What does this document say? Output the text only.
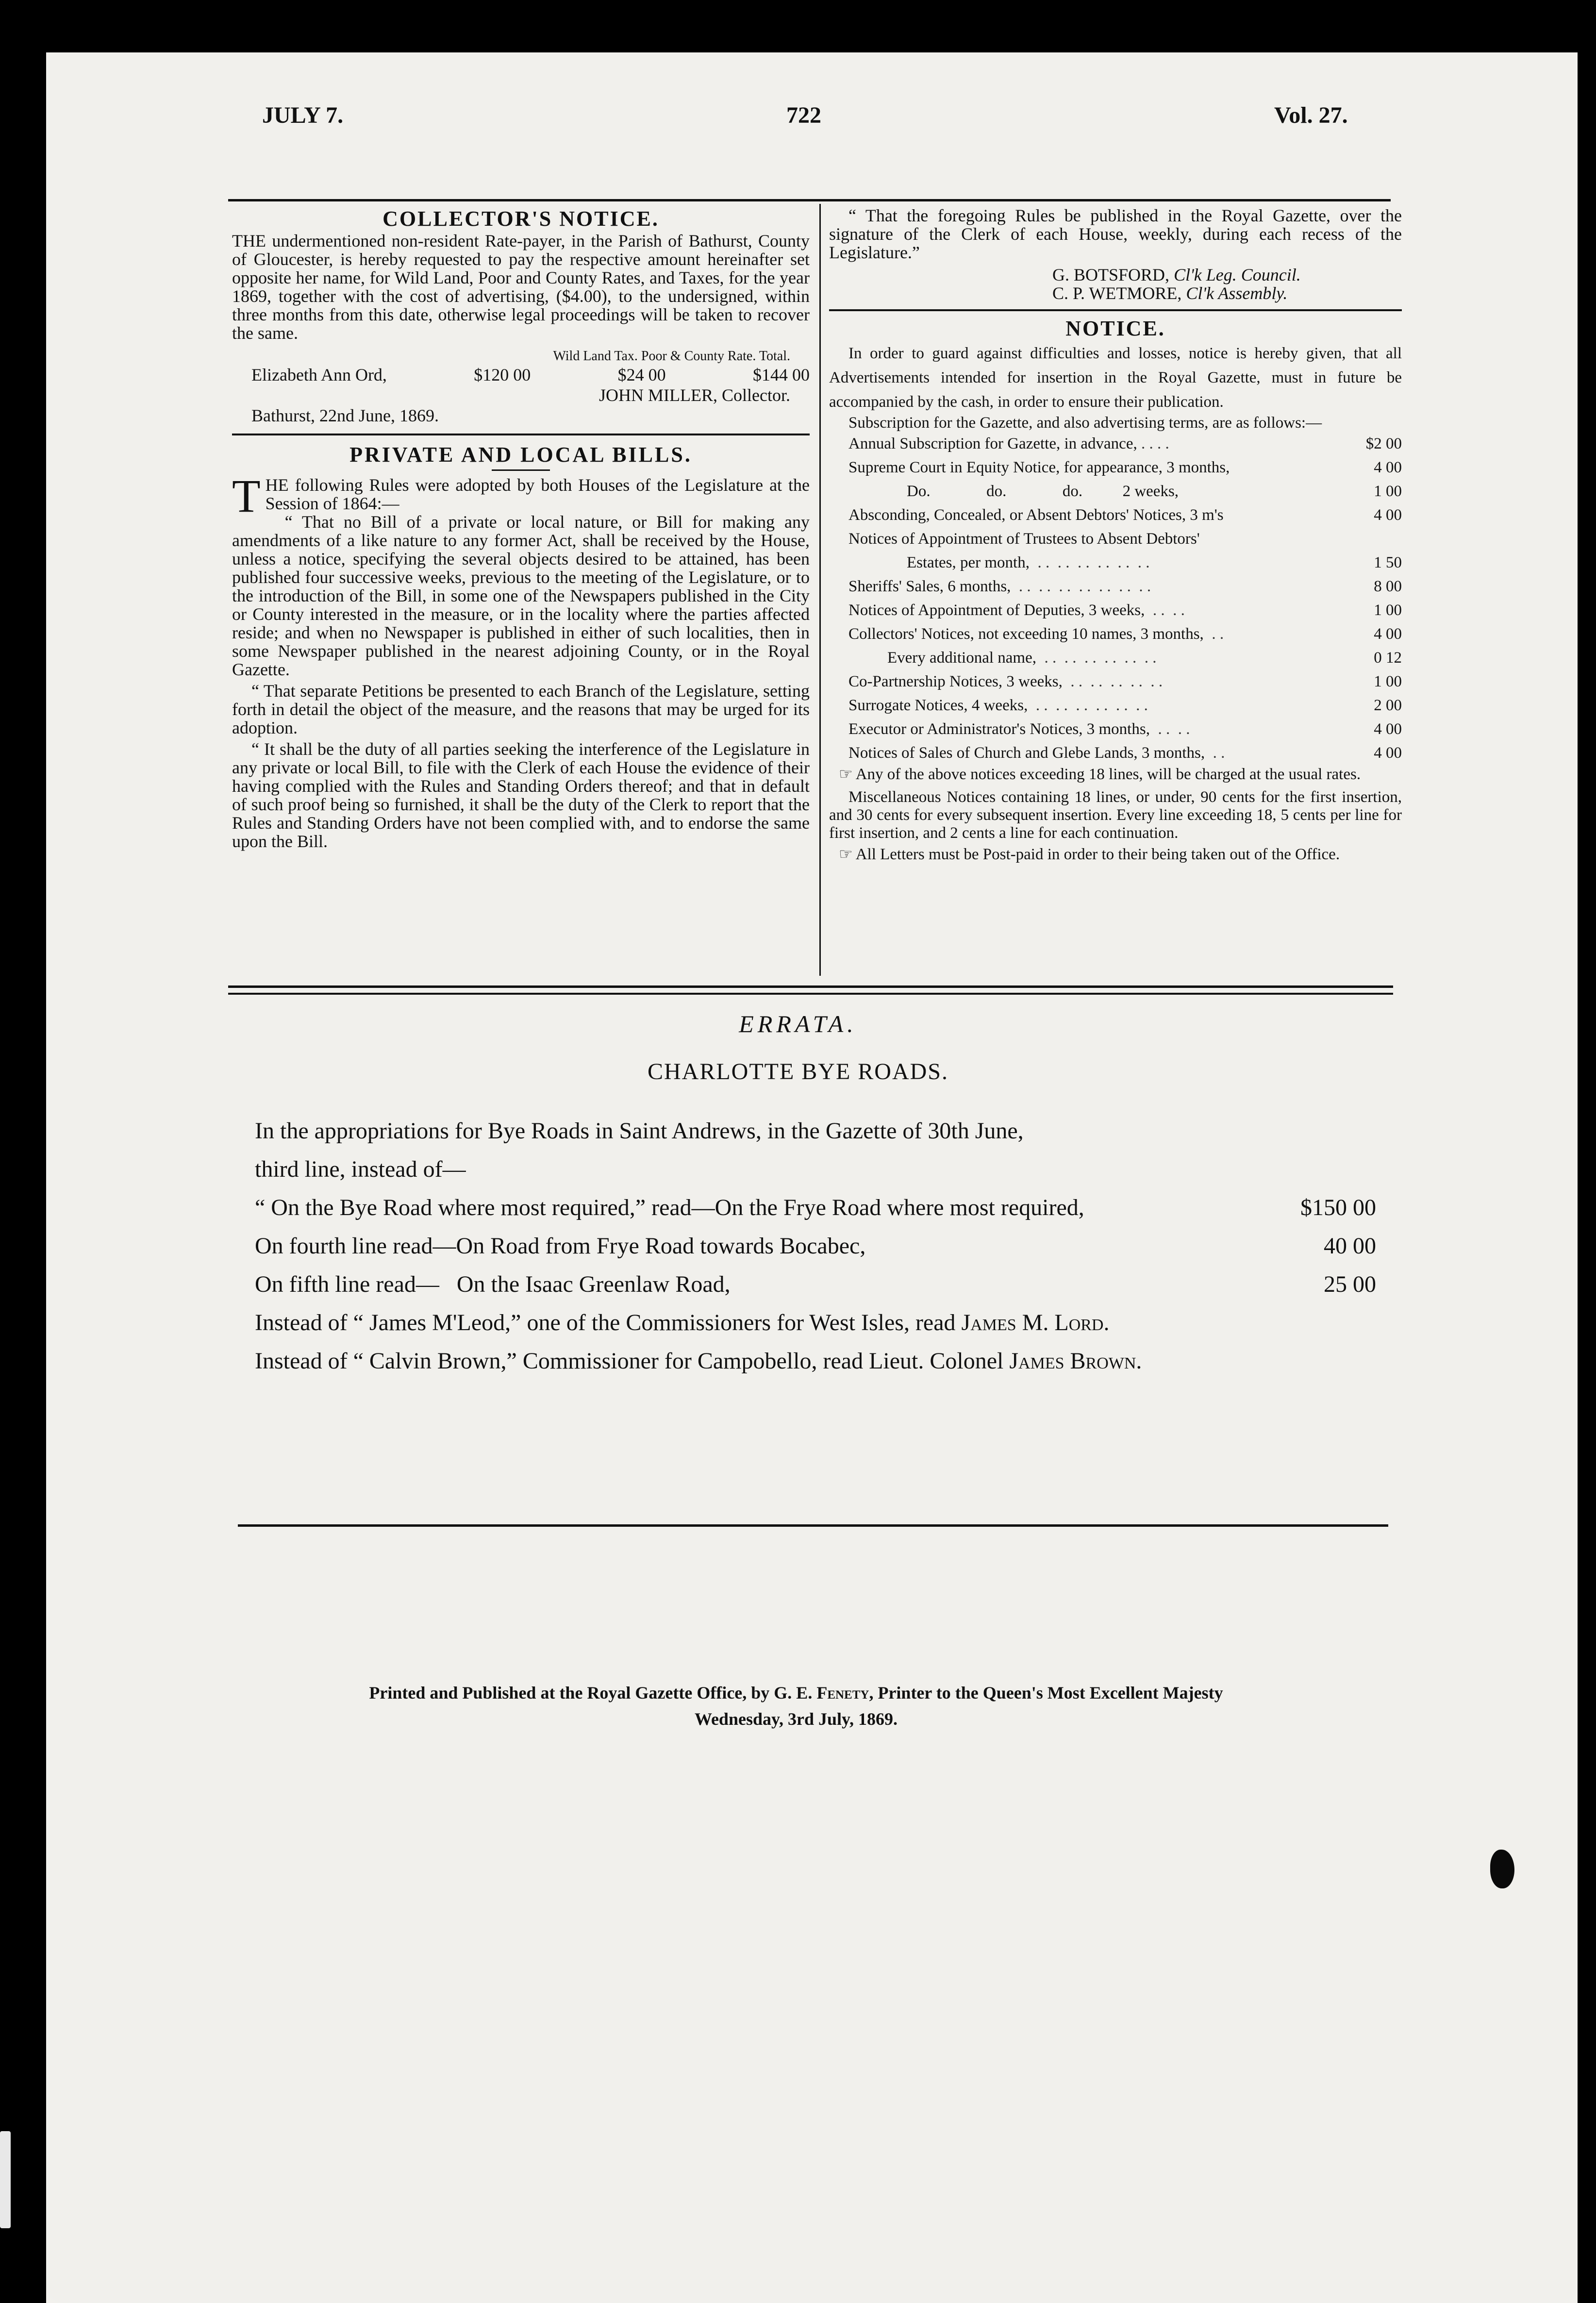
JULY 7.	722	Vol. 27.
COLLECTOR'S NOTICE.

THE undermentioned non-resident Rate-payer, in the Parish of Bathurst, County of Gloucester, is hereby requested to pay the respective amount hereinafter set opposite her name, for Wild Land, Poor and County Rates, and Taxes, for the year 1869, together with the cost of advertising, ($4.00), to the undersigned, within three months from this date, otherwise legal proceedings will be taken to recover the same.

Wild Land Tax. Poor & County Rate. Total.
Elizabeth Ann Ord,	$120 00	$24 00	$144 00
JOHN MILLER, Collector.
Bathurst, 22nd June, 1869.
PRIVATE AND LOCAL BILLS.

THE following Rules were adopted by both Houses of the Legislature at the Session of 1864:—

“ That no Bill of a private or local nature, or Bill for making any amendments of a like nature to any former Act, shall be received by the House, unless a notice, specifying the several objects desired to be attained, has been published four successive weeks, previous to the meeting of the Legislature, or to the introduction of the Bill, in some one of the Newspapers published in the City or County interested in the measure, or in the locality where the parties affected reside; and when no Newspaper is published in either of such localities, then in some Newspaper published in the nearest adjoining County, or in the Royal Gazette.

“ That separate Petitions be presented to each Branch of the Legislature, setting forth in detail the object of the measure, and the reasons that may be urged for its adoption.

“ It shall be the duty of all parties seeking the interference of the Legislature in any private or local Bill, to file with the Clerk of each House the evidence of their having complied with the Rules and Standing Orders thereof; and that in default of such proof being so furnished, it shall be the duty of the Clerk to report that the Rules and Standing Orders have not been complied with, and to endorse the same upon the Bill.

“ That the foregoing Rules be published in the Royal Gazette, over the signature of the Clerk of each House, weekly, during each recess of the Legislature.”

G. BOTSFORD, Cl'k Leg. Council.
C. P. WETMORE, Cl'k Assembly.
NOTICE.

In order to guard against difficulties and losses, notice is hereby given, that all Advertisements intended for insertion in the Royal Gazette, must in future be accompanied by the cash, in order to ensure their publication.

Subscription for the Gazette, and also advertising terms, are as follows:—

Annual Subscription for Gazette, in advance, . . . .	$2 00
Supreme Court in Equity Notice, for appearance, 3 months,	4 00
Do.              do.              do.          2 weeks,	1 00
Absconding, Concealed, or Absent Debtors' Notices, 3 m's	4 00
Notices of Appointment of Trustees to Absent Debtors'
Estates, per month,  . .  . .  . .  . .  . .  . .	1 50
Sheriffs' Sales, 6 months,  . .  . .  . .  . .  . .  . .  . .	8 00
Notices of Appointment of Deputies, 3 weeks,  . .  . .	1 00
Collectors' Notices, not exceeding 10 names, 3 months,  . .	4 00
Every additional name,  . .  . .  . .  . .  . .  . .	0 12
Co-Partnership Notices, 3 weeks,  . .  . .  . .  . .  . .	1 00
Surrogate Notices, 4 weeks,  . .  . .  . .  . .  . .  . .	2 00
Executor or Administrator's Notices, 3 months,  . .  . .	4 00
Notices of Sales of Church and Glebe Lands, 3 months,  . .	4 00

☞ Any of the above notices exceeding 18 lines, will be charged at the usual rates.

Miscellaneous Notices containing 18 lines, or under, 90 cents for the first insertion, and 30 cents for every subsequent insertion. Every line exceeding 18, 5 cents per line for first insertion, and 2 cents a line for each continuation.

☞ All Letters must be Post-paid in order to their being taken out of the Office.

ERRATA.
CHARLOTTE BYE ROADS.
In the appropriations for Bye Roads in Saint Andrews, in the Gazette of 30th June,
third line, instead of—
“ On the Bye Road where most required,” read—On the Frye Road where most required,	$150 00
On fourth line read—On Road from Frye Road towards Bocabec,	40 00
On fifth line read—   On the Isaac Greenlaw Road,	25 00
Instead of “ James M'Leod,” one of the Commissioners for West Isles, read James M. Lord.
Instead of “ Calvin Brown,” Commissioner for Campobello, read Lieut. Colonel James Brown.
Printed and Published at the Royal Gazette Office, by G. E. Fenety, Printer to the Queen's Most Excellent Majesty
Wednesday, 3rd July, 1869.
